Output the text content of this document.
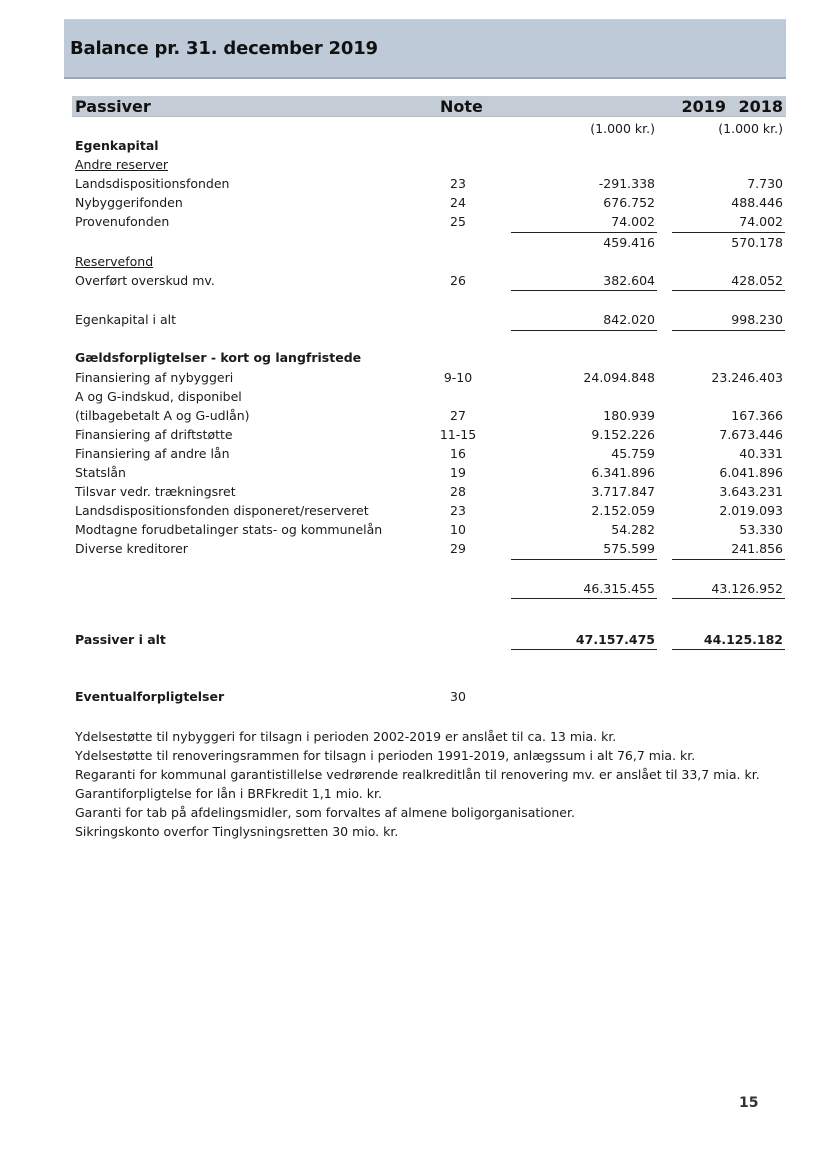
Balance pr. 31. december 2019
Passiver	Note	2019 2018
(1.000 kr.)	(1.000 kr.)
Egenkapital
Andre reserver
Landsdispositionsfonden	23	-291.338	7.730
Nybyggerifonden	24	676.752	488.446
Provenufonden	25	74.002	74.002
459.416	570.178
Reservefond
Overført overskud mv.	26	382.604	428.052
Egenkapital i alt	842.020	998.230
Gældsforpligtelser - kort og langfristede
Finansiering af nybyggeri	9-10	24.094.848	23.246.403
A og G-indskud, disponibel
(tilbagebetalt A og G-udlån)	27	180.939	167.366
Finansiering af driftstøtte	11-15	9.152.226	7.673.446
Finansiering af andre lån	16	45.759	40.331
Statslån	19	6.341.896	6.041.896
Tilsvar vedr. trækningsret	28	3.717.847	3.643.231
Landsdispositionsfonden disponeret/reserveret	23	2.152.059	2.019.093
Modtagne forudbetalinger stats- og kommunelån	10	54.282	53.330
Diverse kreditorer	29	575.599	241.856
46.315.455	43.126.952
Passiver i alt	47.157.475	44.125.182
Eventualforpligtelser	30
Ydelsestøtte til nybyggeri for tilsagn i perioden 2002-2019 er anslået til ca. 13 mia. kr.
Ydelsestøtte til renoveringsrammen for tilsagn i perioden 1991-2019, anlægssum i alt 76,7 mia. kr.
Regaranti for kommunal garantistillelse vedrørende realkreditlån til renovering mv. er anslået til 33,7 mia. kr.
Garantiforpligtelse for lån i BRFkredit 1,1 mio. kr.
Garanti for tab på afdelingsmidler, som forvaltes af almene boligorganisationer.
Sikringskonto overfor Tinglysningsretten 30 mio. kr.
15
